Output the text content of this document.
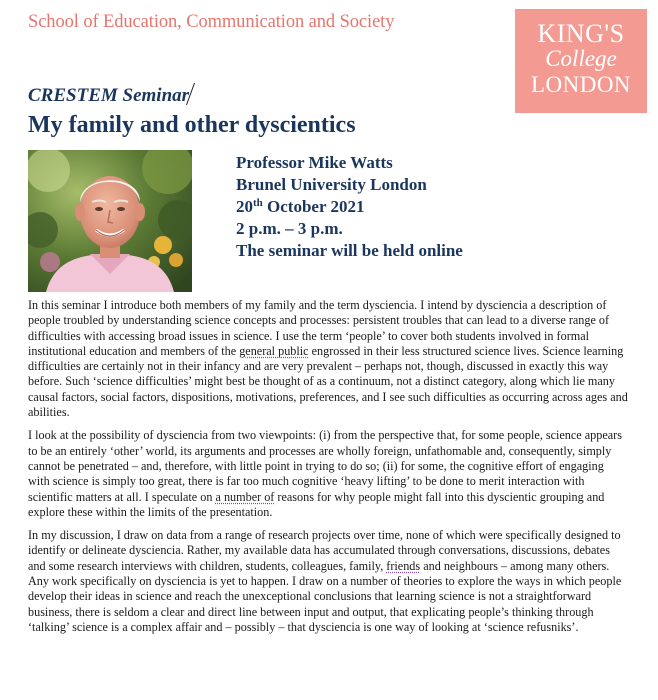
School of Education, Communication and Society	KING'S
College
LONDON
CRESTEM Seminar
My family and other dyscientics
Professor Mike Watts
Brunel University London
20th October 2021
2 p.m. – 3 p.m.
The seminar will be held online

In this seminar I introduce both members of my family and the term dysciencia. I intend by dysciencia a description of people troubled by understanding science concepts and processes: persistent troubles that can lead to a diverse range of difficulties with accessing broad issues in science. I use the term ‘people’ to cover both students involved in formal institutional education and members of the general public engrossed in their less structured science lives. Science learning difficulties are certainly not in their infancy and are very prevalent – perhaps not, though, discussed in exactly this way before. Such ‘science difficulties’ might best be thought of as a continuum, not a distinct category, along which lie many causal factors, social factors, dispositions, motivations, preferences, and I see such difficulties as occurring across ages and abilities.

I look at the possibility of dysciencia from two viewpoints: (i) from the perspective that, for some people, science appears to be an entirely ‘other’ world, its arguments and processes are wholly foreign, unfathomable and, consequently, simply cannot be penetrated – and, therefore, with little point in trying to do so; (ii) for some, the cognitive effort of engaging with science is simply too great, there is far too much cognitive ‘heavy lifting’ to be done to merit interaction with scientific matters at all. I speculate on a number of reasons for why people might fall into this dyscientic grouping and explore these within the limits of the presentation.

In my discussion, I draw on data from a range of research projects over time, none of which were specifically designed to identify or delineate dysciencia. Rather, my available data has accumulated through conversations, discussions, debates and some research interviews with children, students, colleagues, family, friends and neighbours – among many others. Any work specifically on dysciencia is yet to happen. I draw on a number of theories to explore the ways in which people develop their ideas in science and reach the unexceptional conclusions that learning science is not a straightforward business, there is seldom a clear and direct line between input and output, that explicating people’s thinking through ‘talking’ science is a complex affair and – possibly – that dysciencia is one way of looking at ‘science refusniks’.
